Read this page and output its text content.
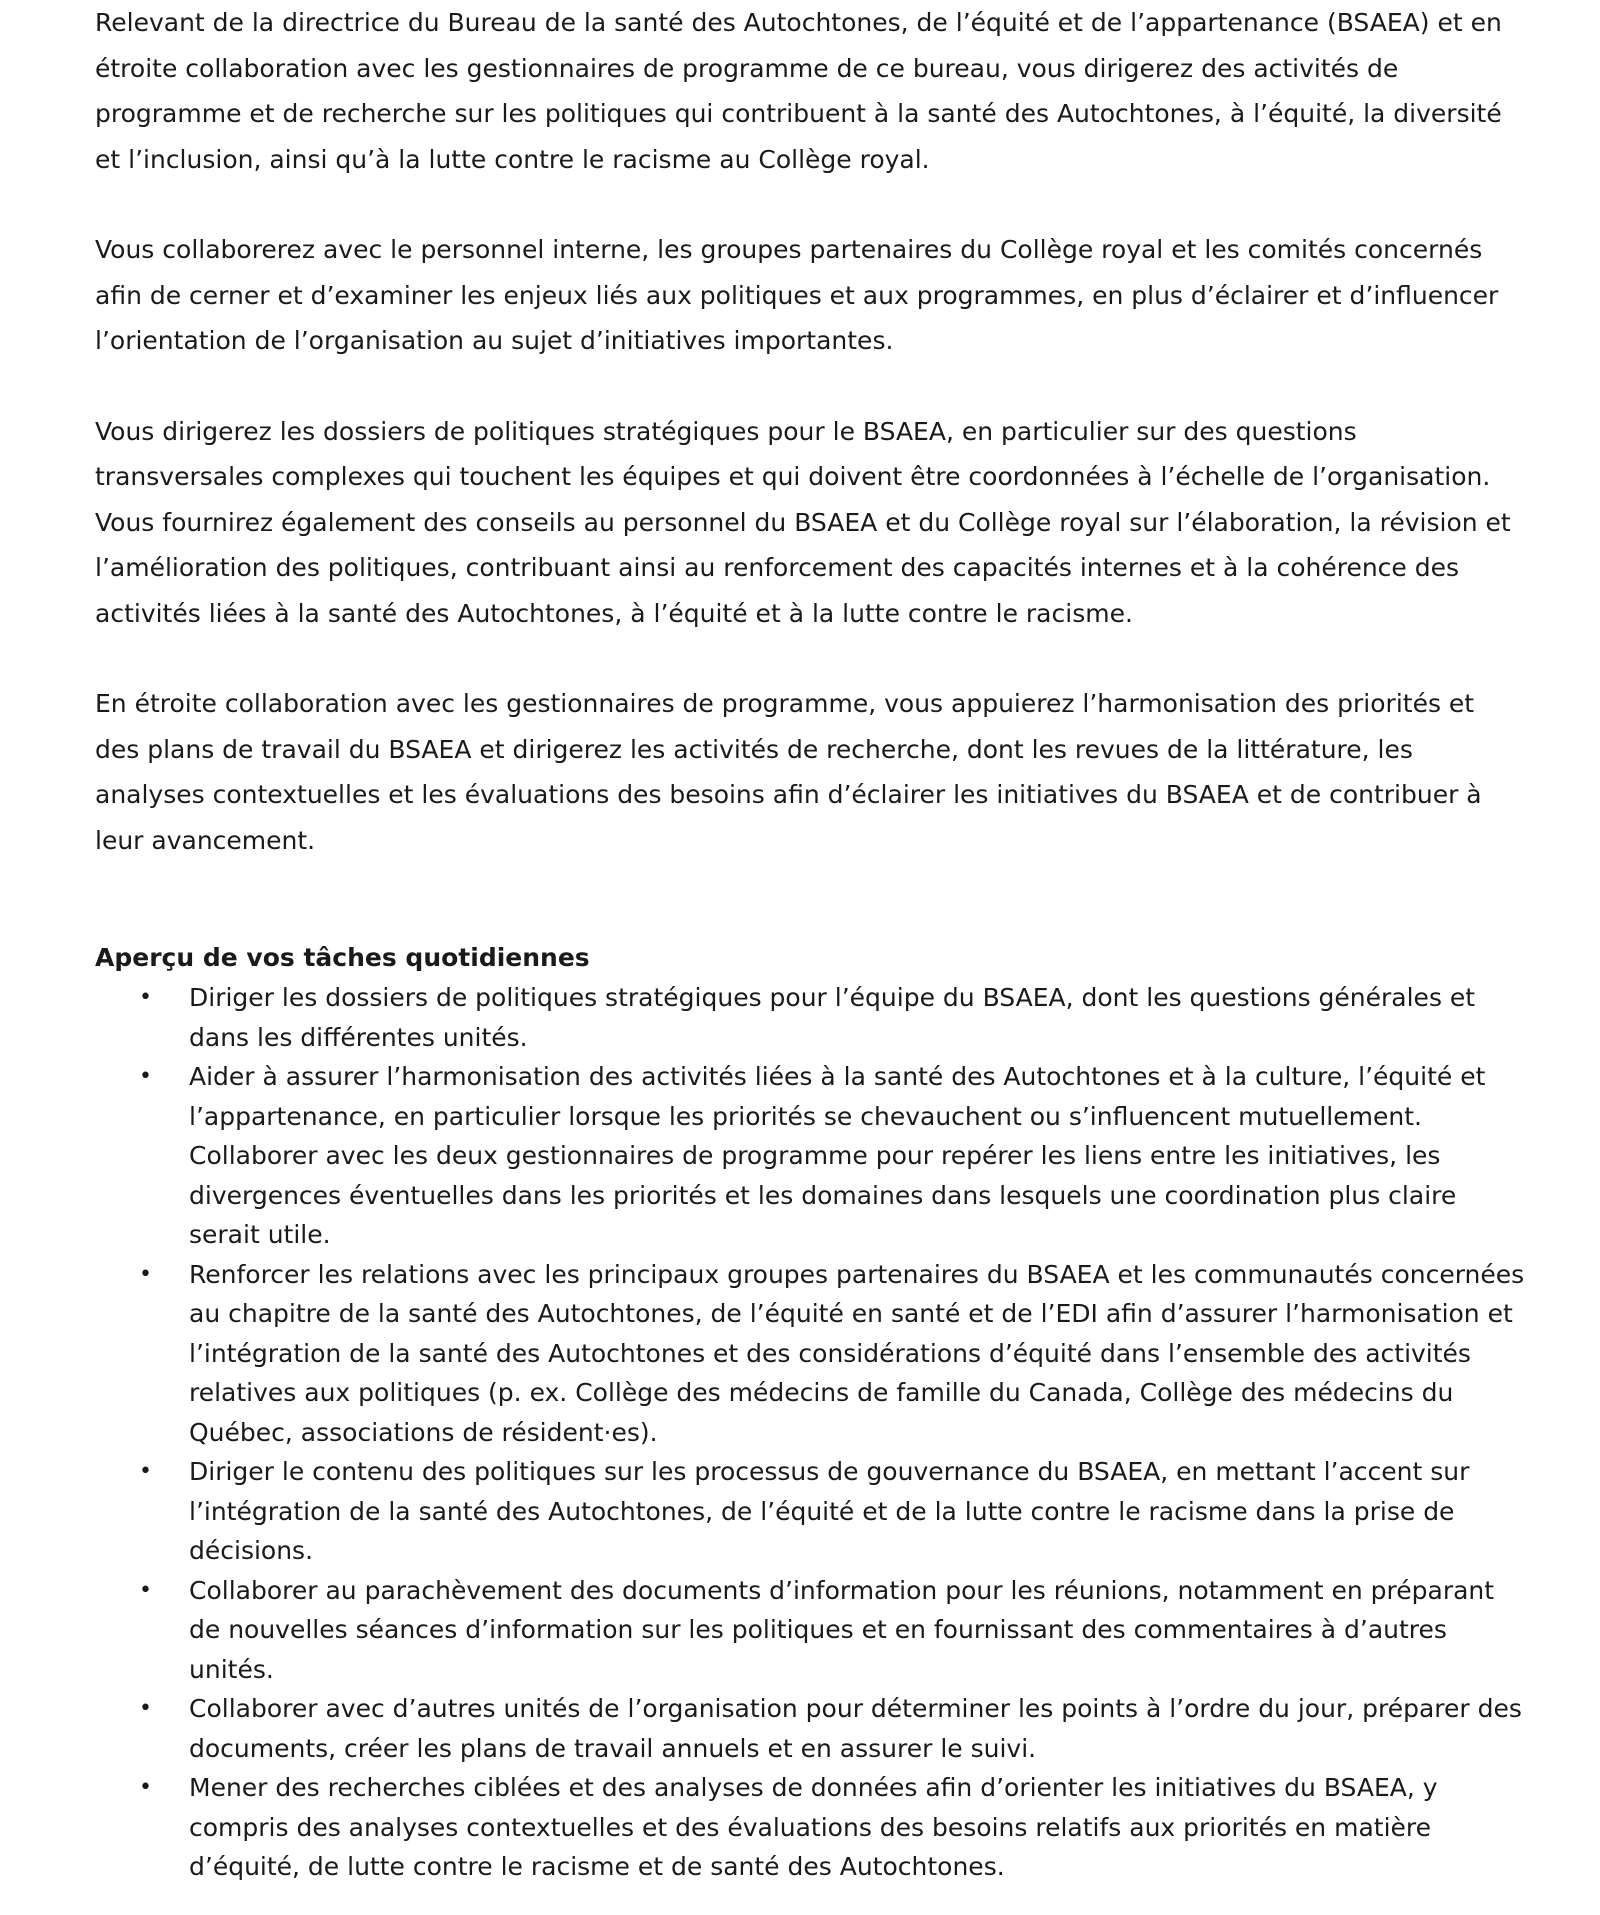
Relevant de la directrice du Bureau de la santé des Autochtones, de l’équité et de l’appartenance (BSAEA) et en étroite collaboration avec les gestionnaires de programme de ce bureau, vous dirigerez des activités de programme et de recherche sur les politiques qui contribuent à la santé des Autochtones, à l’équité, la diversité et l’inclusion, ainsi qu’à la lutte contre le racisme au Collège royal.

Vous collaborerez avec le personnel interne, les groupes partenaires du Collège royal et les comités concernés afin de cerner et d’examiner les enjeux liés aux politiques et aux programmes, en plus d’éclairer et d’influencer l’orientation de l’organisation au sujet d’initiatives importantes.

Vous dirigerez les dossiers de politiques stratégiques pour le BSAEA, en particulier sur des questions transversales complexes qui touchent les équipes et qui doivent être coordonnées à l’échelle de l’organisation. Vous fournirez également des conseils au personnel du BSAEA et du Collège royal sur l’élaboration, la révision et l’amélioration des politiques, contribuant ainsi au renforcement des capacités internes et à la cohérence des activités liées à la santé des Autochtones, à l’équité et à la lutte contre le racisme.

En étroite collaboration avec les gestionnaires de programme, vous appuierez l’harmonisation des priorités et des plans de travail du BSAEA et dirigerez les activités de recherche, dont les revues de la littérature, les analyses contextuelles et les évaluations des besoins afin d’éclairer les initiatives du BSAEA et de contribuer à leur avancement.

Aperçu de vos tâches quotidiennes
• Diriger les dossiers de politiques stratégiques pour l’équipe du BSAEA, dont les questions générales et dans les différentes unités.
• Aider à assurer l’harmonisation des activités liées à la santé des Autochtones et à la culture, l’équité et l’appartenance, en particulier lorsque les priorités se chevauchent ou s’influencent mutuellement. Collaborer avec les deux gestionnaires de programme pour repérer les liens entre les initiatives, les divergences éventuelles dans les priorités et les domaines dans lesquels une coordination plus claire serait utile.
• Renforcer les relations avec les principaux groupes partenaires du BSAEA et les communautés concernées au chapitre de la santé des Autochtones, de l’équité en santé et de l’EDI afin d’assurer l’harmonisation et l’intégration de la santé des Autochtones et des considérations d’équité dans l’ensemble des activités relatives aux politiques (p. ex. Collège des médecins de famille du Canada, Collège des médecins du Québec, associations de résident·es).
• Diriger le contenu des politiques sur les processus de gouvernance du BSAEA, en mettant l’accent sur l’intégration de la santé des Autochtones, de l’équité et de la lutte contre le racisme dans la prise de décisions.
• Collaborer au parachèvement des documents d’information pour les réunions, notamment en préparant de nouvelles séances d’information sur les politiques et en fournissant des commentaires à d’autres unités.
• Collaborer avec d’autres unités de l’organisation pour déterminer les points à l’ordre du jour, préparer des documents, créer les plans de travail annuels et en assurer le suivi.
• Mener des recherches ciblées et des analyses de données afin d’orienter les initiatives du BSAEA, y compris des analyses contextuelles et des évaluations des besoins relatifs aux priorités en matière d’équité, de lutte contre le racisme et de santé des Autochtones.
